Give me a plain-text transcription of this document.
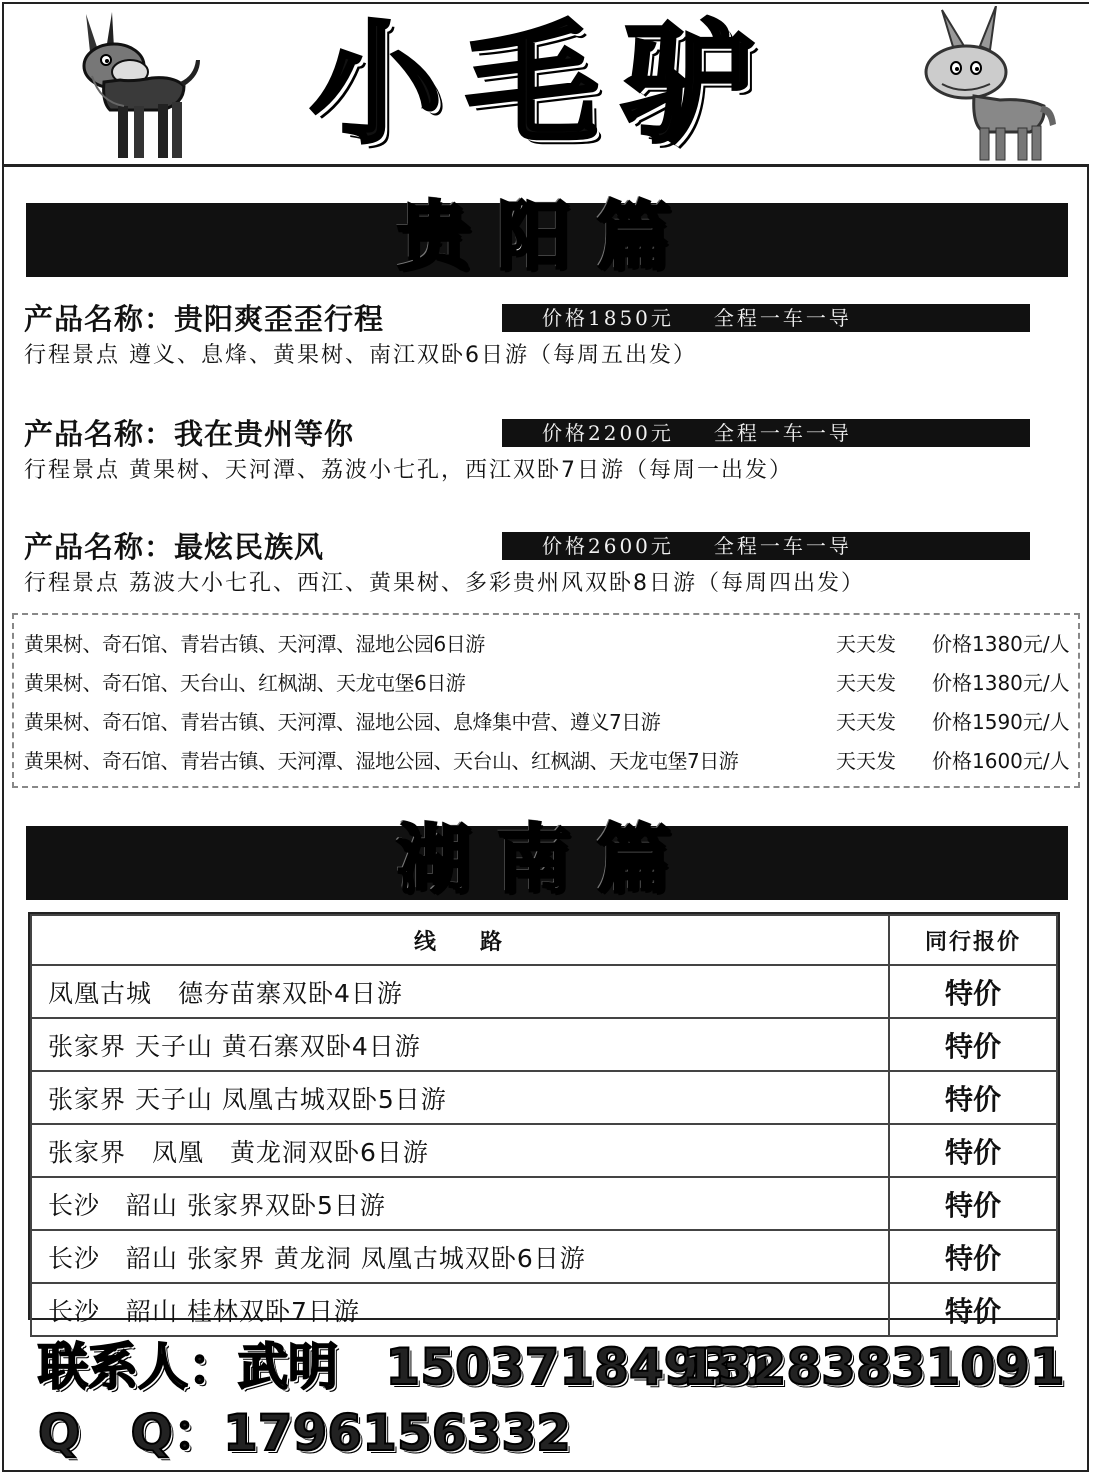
小毛驴
贵阳篇
产品名称：贵阳爽歪歪行程	价格1850元 全程一车一导
行程景点 遵义、息烽、黄果树、南江双卧6日游（每周五出发）
产品名称：我在贵州等你	价格2200元 全程一车一导
行程景点 黄果树、天河潭、荔波小七孔，西江双卧7日游（每周一出发）
产品名称：最炫民族风	价格2600元 全程一车一导
行程景点 荔波大小七孔、西江、黄果树、多彩贵州风双卧8日游（每周四出发）
黄果树、奇石馆、青岩古镇、天河潭、湿地公园6日游	天天发 价格1380元/人
黄果树、奇石馆、天台山、红枫湖、天龙屯堡6日游	天天发 价格1380元/人
黄果树、奇石馆、青岩古镇、天河潭、湿地公园、息烽集中营、遵义7日游	天天发 价格1590元/人
黄果树、奇石馆、青岩古镇、天河潭、湿地公园、天台山、红枫湖、天龙屯堡7日游	天天发 价格1600元/人
湖南篇
线路	同行报价
凤凰古城　德夯苗寨双卧4日游	特价
张家界 天子山 黄石寨双卧4日游	特价
张家界 天子山 凤凰古城双卧5日游	特价
张家界　凤凰　黄龙洞双卧6日游	特价
长沙　韶山 张家界双卧5日游	特价
长沙　韶山 张家界 黄龙洞 凤凰古城双卧6日游	特价
长沙　韶山 桂林双卧7日游	特价
联系人：武明 15037184930
13283831091
Q　Q：1796156332
